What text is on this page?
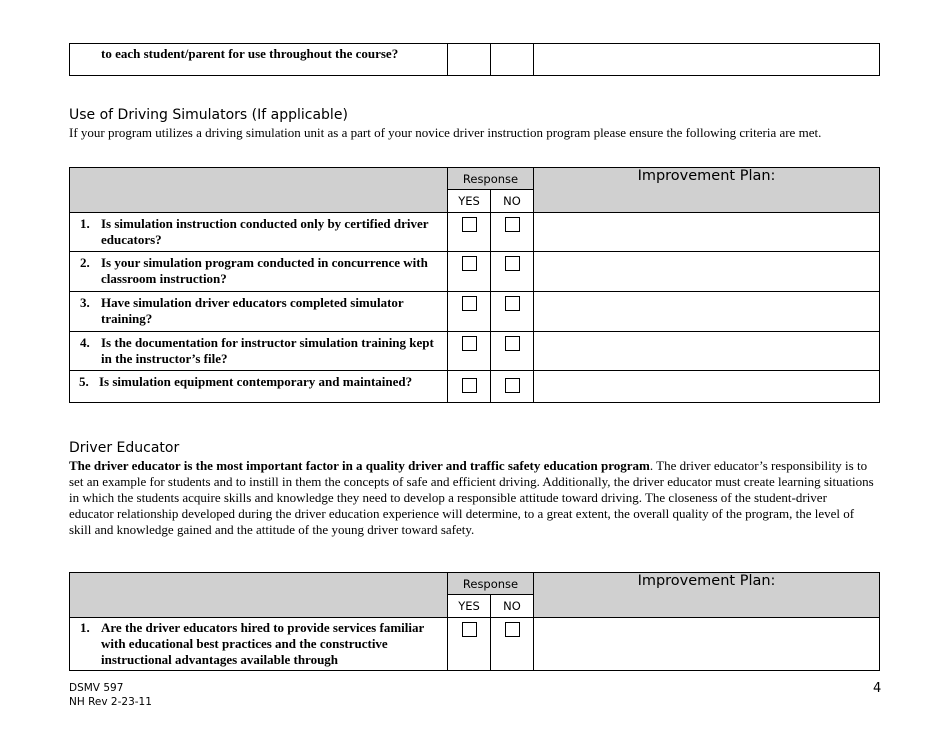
to each student/parent for use throughout the course?

Use of Driving Simulators (If applicable)
If your program utilizes a driving simulation unit as a part of your novice driver instruction program please ensure the following criteria are met.
	Response		Improvement Plan:
	YES	NO	

1. Is simulation instruction conducted only by certified driver educators?			

2. Is your simulation program conducted in concurrence with classroom instruction?			

3. Have simulation driver educators completed simulator training?			

4. Is the documentation for instructor simulation training kept in the instructor’s file?			

5. Is simulation equipment contemporary and maintained?			

Driver Educator
The driver educator is the most important factor in a quality driver and traffic safety education program. The driver educator’s responsibility is to set an example for students and to instill in them the concepts of safe and efficient driving. Additionally, the driver educator must create learning situations in which the students acquire skills and knowledge they need to develop a responsible attitude toward driving. The closeness of the student-driver educator relationship developed during the driver education experience will determine, to a great extent, the overall quality of the program, the level of skill and knowledge gained and the attitude of the young driver toward safety.
	Response		Improvement Plan:
	YES	NO	

1. Are the driver educators hired to provide services familiar with educational best practices and the constructive instructional advantages available through			

DSMV 597
NH Rev 2-23-11
4
